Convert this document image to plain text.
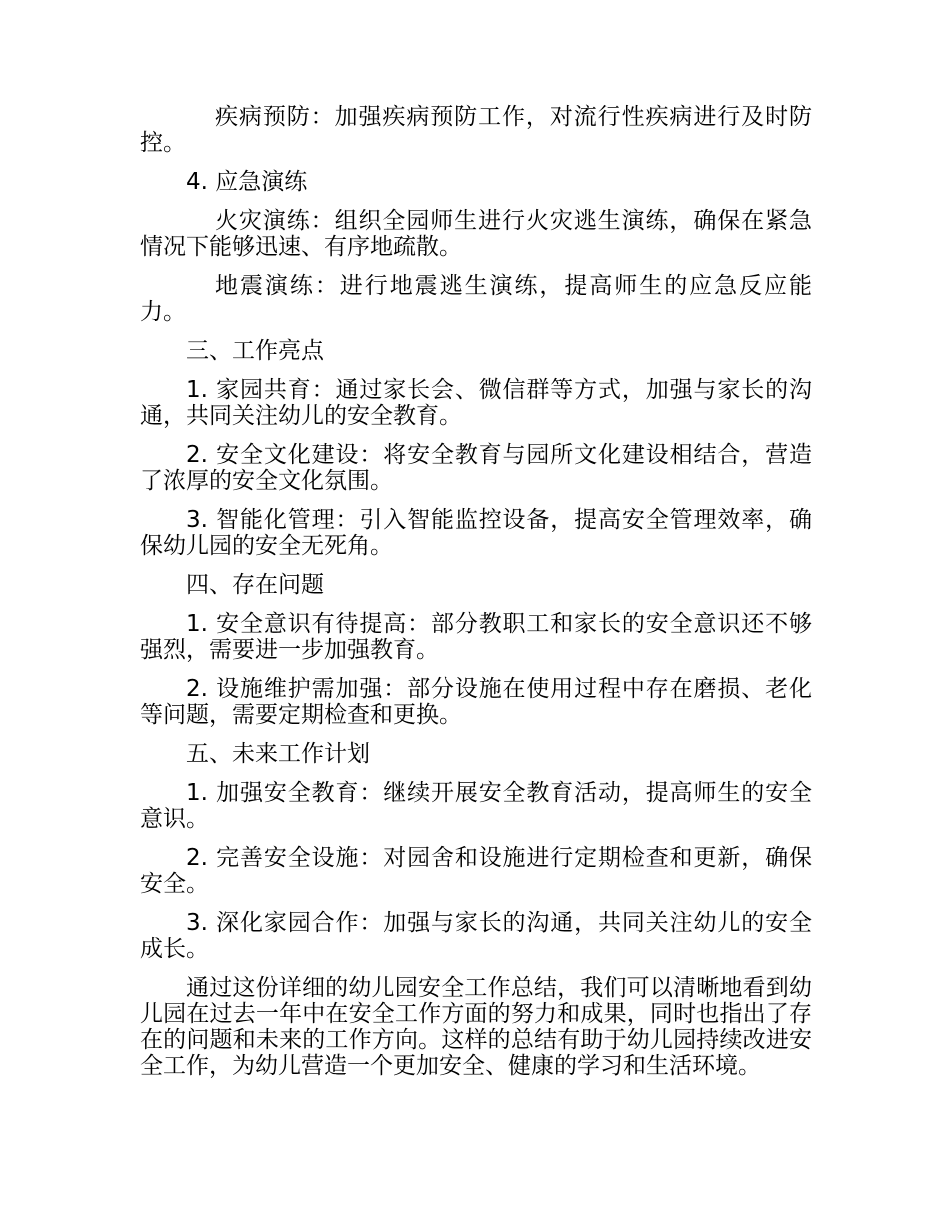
疾病预防：加强疾病预防工作，对流行性疾病进行及时防控。

4. 应急演练

火灾演练：组织全园师生进行火灾逃生演练，确保在紧急情况下能够迅速、有序地疏散。

地震演练：进行地震逃生演练，提高师生的应急反应能力。

三、工作亮点

1. 家园共育：通过家长会、微信群等方式，加强与家长的沟通，共同关注幼儿的安全教育。

2. 安全文化建设：将安全教育与园所文化建设相结合，营造了浓厚的安全文化氛围。

3. 智能化管理：引入智能监控设备，提高安全管理效率，确保幼儿园的安全无死角。

四、存在问题

1. 安全意识有待提高：部分教职工和家长的安全意识还不够强烈，需要进一步加强教育。

2. 设施维护需加强：部分设施在使用过程中存在磨损、老化等问题，需要定期检查和更换。

五、未来工作计划

1. 加强安全教育：继续开展安全教育活动，提高师生的安全意识。

2. 完善安全设施：对园舍和设施进行定期检查和更新，确保安全。

3. 深化家园合作：加强与家长的沟通，共同关注幼儿的安全成长。

通过这份详细的幼儿园安全工作总结，我们可以清晰地看到幼儿园在过去一年中在安全工作方面的努力和成果，同时也指出了存在的问题和未来的工作方向。这样的总结有助于幼儿园持续改进安全工作，为幼儿营造一个更加安全、健康的学习和生活环境。
